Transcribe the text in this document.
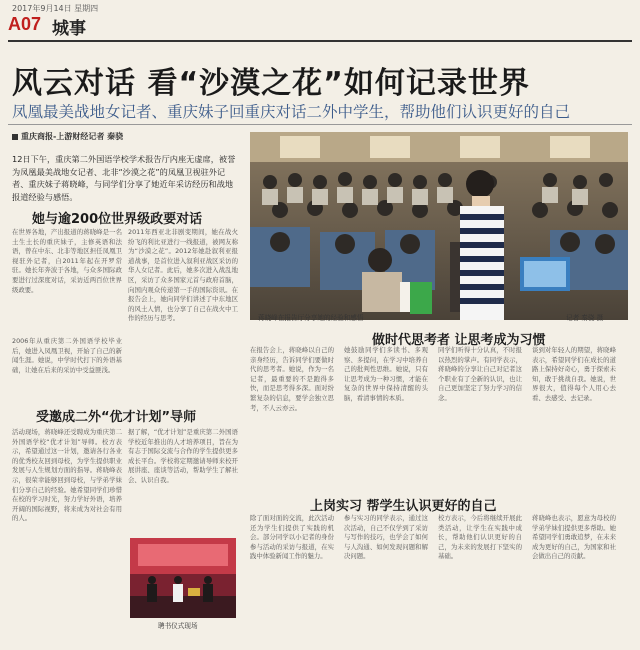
2017年9月14日 星期四
A07 城事
风云对话 看“沙漠之花”如何记录世界
凤凰最美战地女记者、重庆妹子回重庆对话二外中学生，帮助他们认识更好的自己
重庆商报-上游财经记者 秦骁
12日下午，重庆第二外国语学校学术报告厅内座无虚席，被誉为凤凰最美战地女记者、北非“沙漠之花”的凤凰卫视驻外记者、重庆妹子蒋晓峰，与同学们分享了她近年采访经历和战地报道经验与感悟。
她与逾200位世界级政要对话
在世界各地，产出报道的蒋晓峰是一名土生土长的重庆妹子，主修英语和法语，曾在中东、北非等地区担任凤凰卫视驻外记者，自2011年起在开罗常驻。她长年奔波于各地，与众多国际政要进行过深度对话，采访近两百位世界级政要。
2006年从重庆第二外国语学校毕业后，她进入凤凰卫视，开始了自己的新闻生涯。她说，中学时代打下的外语基础，让她在后来的采访中受益匪浅。
2011年西亚北非剧变期间，她在战火纷飞的利比亚进行一线报道，被网友称为“沙漠之花”。2012年她赴叙利亚报道战事，是首位进入叙利亚战区采访的华人女记者。此后，她多次进入战乱地区，采访了众多国家元首与政府首脑，向国内观众传递第一手的国际资讯。在报告会上，她向同学们讲述了中东地区的风土人情，也分享了自己在战火中工作的经历与思考。
受邀成二外“优才计划”导师
活动现场，蒋晓峰还受聘成为重庆第二外国语学校“优才计划”导师。校方表示，希望通过这一计划，邀请各行各业的优秀校友回到母校，为学生提供职业发展与人生规划方面的指导。蒋晓峰表示，很荣幸能够回到母校，与学弟学妹们分享自己的经验。她希望同学们珍惜在校的学习时光，努力学好外语，培养开阔的国际视野，将来成为对社会有用的人。
据了解，“优才计划”是重庆第二外国语学校近年推出的人才培养项目，旨在为有志于国际交流与合作的学生提供更多成长平台。学校将定期邀请导师来校开展讲座、座谈等活动，帮助学生了解社会、认识自我。
蒋晓峰在报告厅分享她的经验和感悟	记者 秦骁 摄
做时代思考者 让思考成为习惯
在报告会上，蒋晓峰以自己的亲身经历，告诉同学们要做时代的思考者。她说，作为一名记者，最重要的不是跑得多快，而是思考得多深。面对纷繁复杂的信息，要学会独立思考，不人云亦云。
她鼓励同学们多读书、多观察、多提问，在学习中培养自己的批判性思维。她说，只有让思考成为一种习惯，才能在复杂的世界中保持清醒的头脑，看清事情的本质。
同学们听得十分认真，不时报以热烈的掌声。有同学表示，蒋晓峰的分享让自己对记者这个职业有了全新的认识，也让自己更加坚定了努力学习的信念。
谈到对年轻人的期望，蒋晓峰表示，希望同学们在成长的道路上保持好奇心，勇于探索未知，敢于挑战自我。她说，世界很大，值得每个人用心去看、去感受、去记录。
上岗实习 帮学生认识更好的自己
除了面对面的交流，此次活动还为学生们提供了实践的机会。部分同学以小记者的身份参与活动的采访与报道，在实践中体验新闻工作的魅力。
参与实习的同学表示，通过这次活动，自己不仅学到了采访与写作的技巧，也学会了如何与人沟通、如何发现问题和解决问题。
校方表示，今后将继续开展此类活动，让学生在实践中成长，帮助他们认识更好的自己，为未来的发展打下坚实的基础。
蒋晓峰也表示，愿意为母校的学弟学妹们提供更多帮助。她希望同学们勇敢追梦，在未来成为更好的自己，为国家和社会做出自己的贡献。
聘书仪式现场
